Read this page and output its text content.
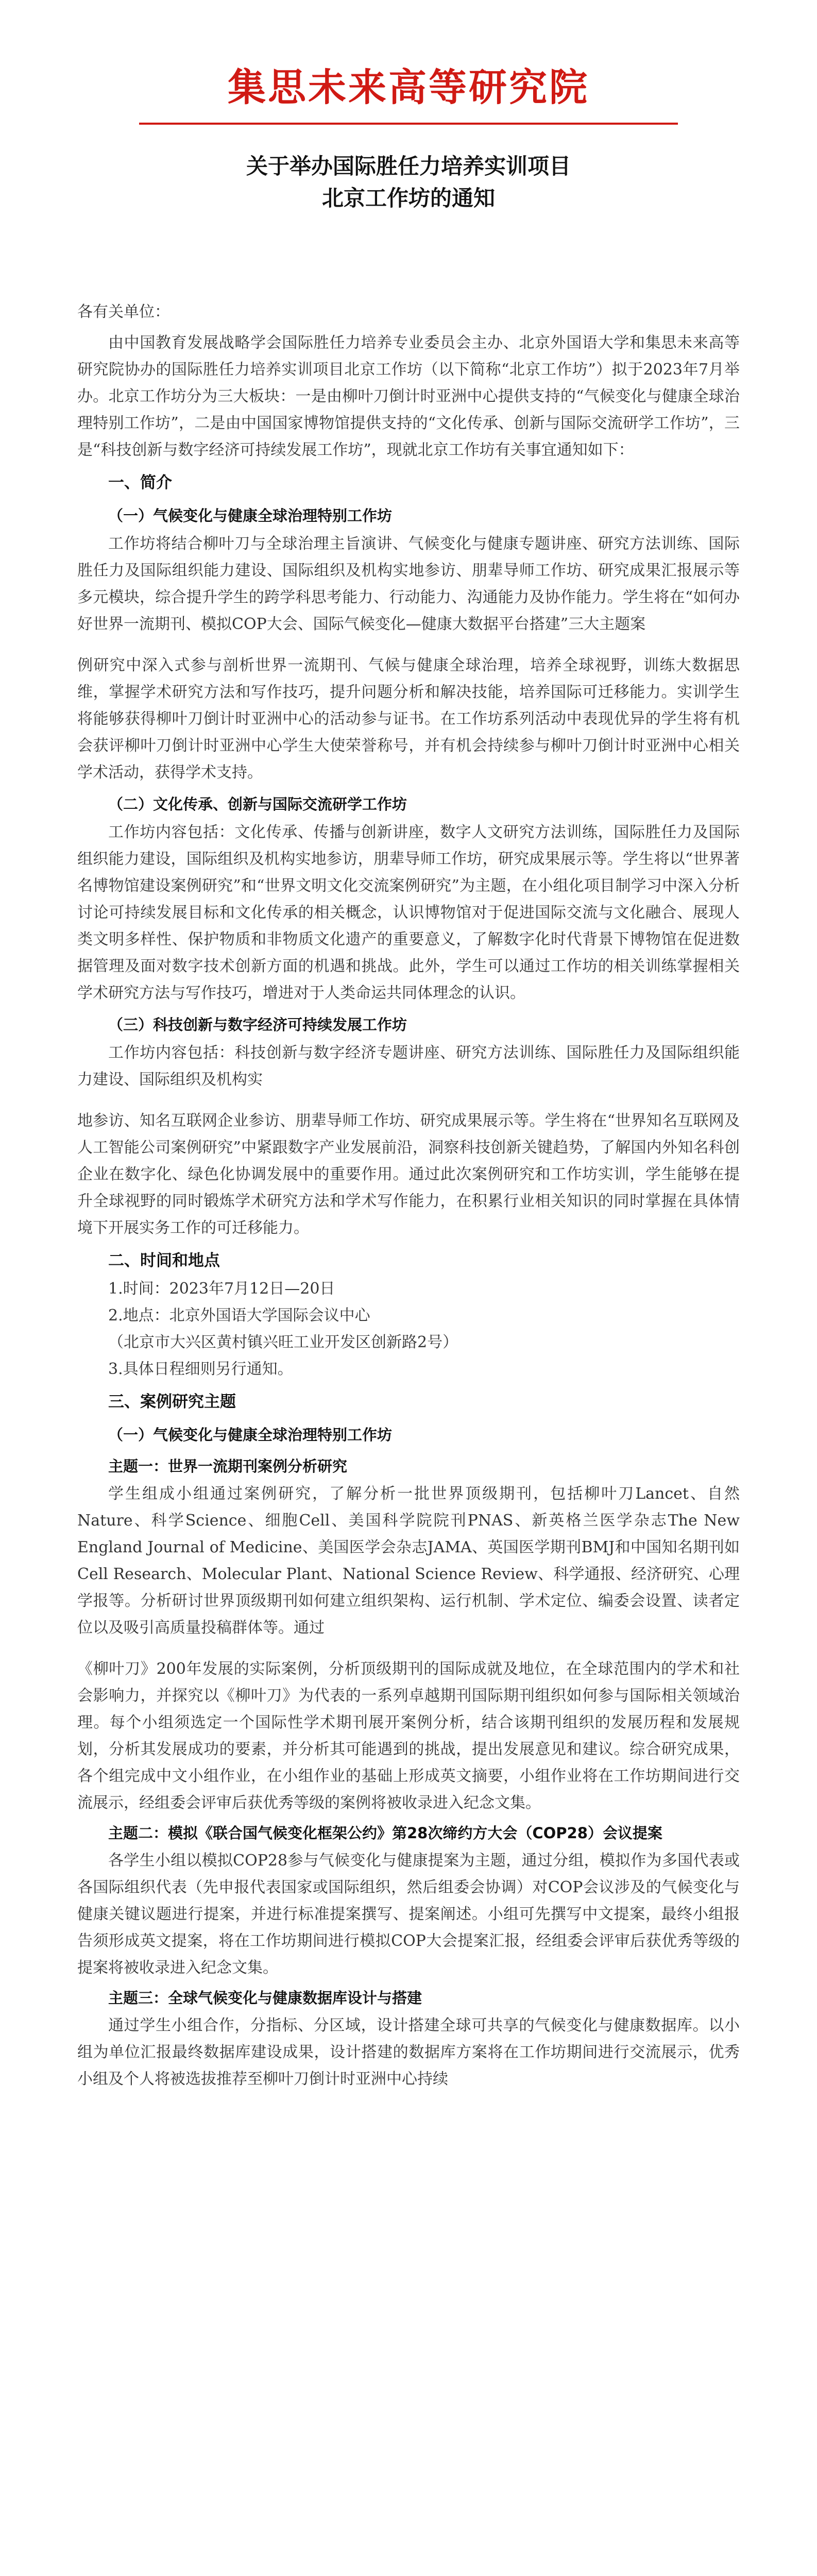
集思未来高等研究院
关于举办国际胜任力培养实训项目
北京工作坊的通知

各有关单位：

由中国教育发展战略学会国际胜任力培养专业委员会主办、北京外国语大学和集思未来高等研究院协办的国际胜任力培养实训项目北京工作坊（以下简称“北京工作坊”）拟于2023年7月举办。北京工作坊分为三大板块：一是由柳叶刀倒计时亚洲中心提供支持的“气候变化与健康全球治理特别工作坊”，二是由中国国家博物馆提供支持的“文化传承、创新与国际交流研学工作坊”，三是“科技创新与数字经济可持续发展工作坊”，现就北京工作坊有关事宜通知如下：

一、简介
（一）气候变化与健康全球治理特别工作坊

工作坊将结合柳叶刀与全球治理主旨演讲、气候变化与健康专题讲座、研究方法训练、国际胜任力及国际组织能力建设、国际组织及机构实地参访、朋辈导师工作坊、研究成果汇报展示等多元模块，综合提升学生的跨学科思考能力、行动能力、沟通能力及协作能力。学生将在“如何办好世界一流期刊、模拟COP大会、国际气候变化—健康大数据平台搭建”三大主题案

例研究中深入式参与剖析世界一流期刊、气候与健康全球治理，培养全球视野，训练大数据思维，掌握学术研究方法和写作技巧，提升问题分析和解决技能，培养国际可迁移能力。实训学生将能够获得柳叶刀倒计时亚洲中心的活动参与证书。在工作坊系列活动中表现优异的学生将有机会获评柳叶刀倒计时亚洲中心学生大使荣誉称号，并有机会持续参与柳叶刀倒计时亚洲中心相关学术活动，获得学术支持。

（二）文化传承、创新与国际交流研学工作坊

工作坊内容包括：文化传承、传播与创新讲座，数字人文研究方法训练，国际胜任力及国际组织能力建设，国际组织及机构实地参访，朋辈导师工作坊，研究成果展示等。学生将以“世界著名博物馆建设案例研究”和“世界文明文化交流案例研究”为主题，在小组化项目制学习中深入分析讨论可持续发展目标和文化传承的相关概念，认识博物馆对于促进国际交流与文化融合、展现人类文明多样性、保护物质和非物质文化遗产的重要意义，了解数字化时代背景下博物馆在促进数据管理及面对数字技术创新方面的机遇和挑战。此外，学生可以通过工作坊的相关训练掌握相关学术研究方法与写作技巧，增进对于人类命运共同体理念的认识。

（三）科技创新与数字经济可持续发展工作坊

工作坊内容包括：科技创新与数字经济专题讲座、研究方法训练、国际胜任力及国际组织能力建设、国际组织及机构实

地参访、知名互联网企业参访、朋辈导师工作坊、研究成果展示等。学生将在“世界知名互联网及人工智能公司案例研究”中紧跟数字产业发展前沿，洞察科技创新关键趋势，了解国内外知名科创企业在数字化、绿色化协调发展中的重要作用。通过此次案例研究和工作坊实训，学生能够在提升全球视野的同时锻炼学术研究方法和学术写作能力，在积累行业相关知识的同时掌握在具体情境下开展实务工作的可迁移能力。

二、时间和地点

1.时间：2023年7月12日—20日

2.地点：北京外国语大学国际会议中心

（北京市大兴区黄村镇兴旺工业开发区创新路2号）

3.具体日程细则另行通知。

三、案例研究主题
（一）气候变化与健康全球治理特别工作坊
主题一：世界一流期刊案例分析研究

学生组成小组通过案例研究，了解分析一批世界顶级期刊，包括柳叶刀Lancet、自然Nature、科学Science、细胞Cell、美国科学院院刊PNAS、新英格兰医学杂志The New England Journal of Medicine、美国医学会杂志JAMA、英国医学期刊BMJ和中国知名期刊如Cell Research、Molecular Plant、National Science Review、科学通报、经济研究、心理学报等。分析研讨世界顶级期刊如何建立组织架构、运行机制、学术定位、编委会设置、读者定位以及吸引高质量投稿群体等。通过

《柳叶刀》200年发展的实际案例，分析顶级期刊的国际成就及地位，在全球范围内的学术和社会影响力，并探究以《柳叶刀》为代表的一系列卓越期刊国际期刊组织如何参与国际相关领域治理。每个小组须选定一个国际性学术期刊展开案例分析，结合该期刊组织的发展历程和发展规划，分析其发展成功的要素，并分析其可能遇到的挑战，提出发展意见和建议。综合研究成果，各个组完成中文小组作业，在小组作业的基础上形成英文摘要，小组作业将在工作坊期间进行交流展示，经组委会评审后获优秀等级的案例将被收录进入纪念文集。

主题二：模拟《联合国气候变化框架公约》第28次缔约方大会（COP28）会议提案

各学生小组以模拟COP28参与气候变化与健康提案为主题，通过分组，模拟作为多国代表或各国际组织代表（先申报代表国家或国际组织，然后组委会协调）对COP会议涉及的气候变化与健康关键议题进行提案，并进行标准提案撰写、提案阐述。小组可先撰写中文提案，最终小组报告须形成英文提案，将在工作坊期间进行模拟COP大会提案汇报，经组委会评审后获优秀等级的提案将被收录进入纪念文集。

主题三：全球气候变化与健康数据库设计与搭建

通过学生小组合作，分指标、分区域，设计搭建全球可共享的气候变化与健康数据库。以小组为单位汇报最终数据库建设成果，设计搭建的数据库方案将在工作坊期间进行交流展示，优秀小组及个人将被选拔推荐至柳叶刀倒计时亚洲中心持续
